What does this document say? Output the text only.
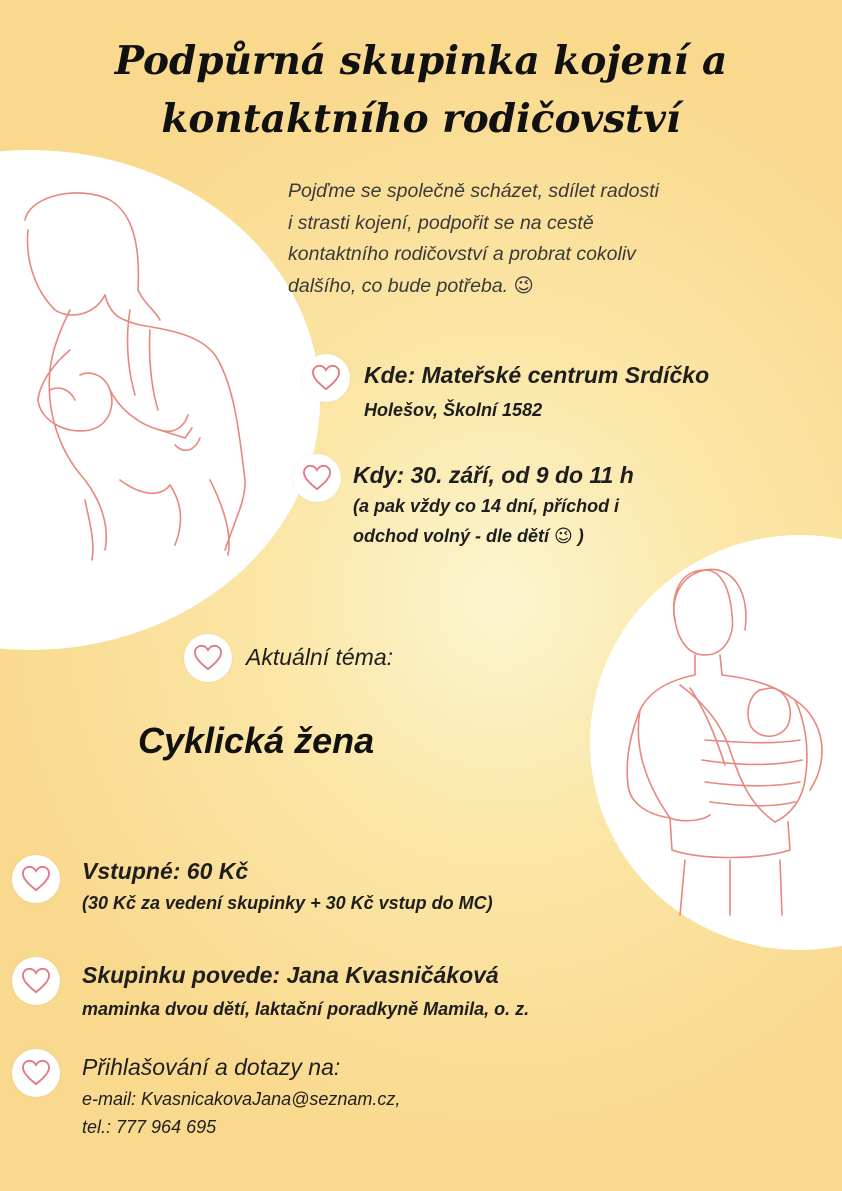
Podpůrná skupinka kojení a
kontaktního rodičovství
Pojďme se společně scházet, sdílet radosti
i strasti kojení, podpořit se na cestě
kontaktního rodičovství a probrat cokoliv
dalšího, co bude potřeba. 😉
Kde: Mateřské centrum Srdíčko
Holešov, Školní 1582
Kdy: 30. září, od 9 do 11 h
(a pak vždy co 14 dní, příchod i
odchod volný - dle dětí 😉 )
Aktuální téma:
Cyklická žena
Vstupné: 60 Kč
(30 Kč za vedení skupinky + 30 Kč vstup do MC)
Skupinku povede: Jana Kvasničáková
maminka dvou dětí, laktační poradkyně Mamila, o. z.
Přihlašování a dotazy na:
e-mail: KvasnicakovaJana@seznam.cz,
tel.: 777 964 695
